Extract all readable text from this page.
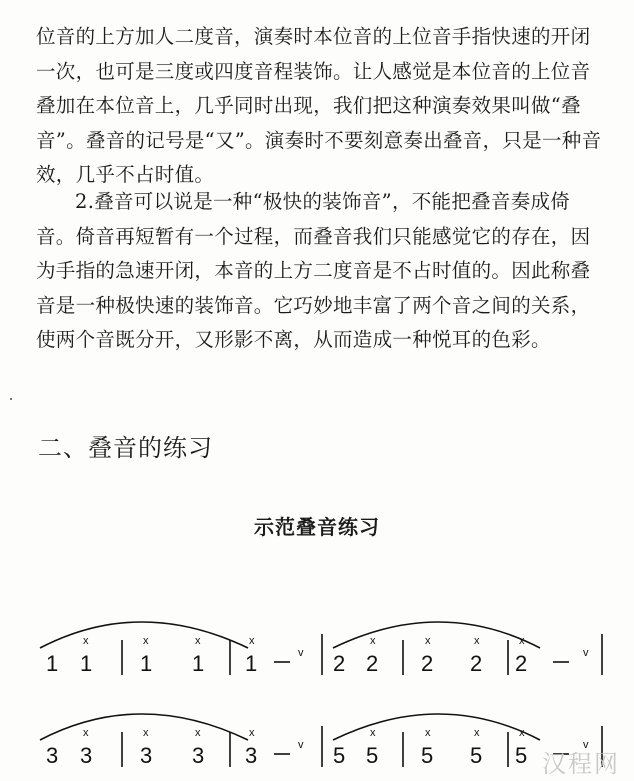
位音的上方加人二度音，演奏时本位音的上位音手指快速的开闭一次，也可是三度或四度音程装饰。让人感觉是本位音的上位音叠加在本位音上，几乎同时出现，我们把这种演奏效果叫做“叠音”。叠音的记号是“又”。演奏时不要刻意奏出叠音，只是一种音效，几乎不占时值。

2.叠音可以说是一种“极快的装饰音”，不能把叠音奏成倚音。倚音再短暂有一个过程，而叠音我们只能感觉它的存在，因为手指的急速开闭，本音的上方二度音是不占时值的。因此称叠音是一种极快速的装饰音。它巧妙地丰富了两个音之间的关系，使两个音既分开，又形影不离，从而造成一种悦耳的色彩。

二、叠音的练习
示范叠音练习
1
x
1
x
1
x
1
x
1	v 2
x
2
x
2
x
2
x
2	v
3
x
3
x
3
x
3
x
3	v 5
x
5
x
5
x
5
x
5	v
汉程网
